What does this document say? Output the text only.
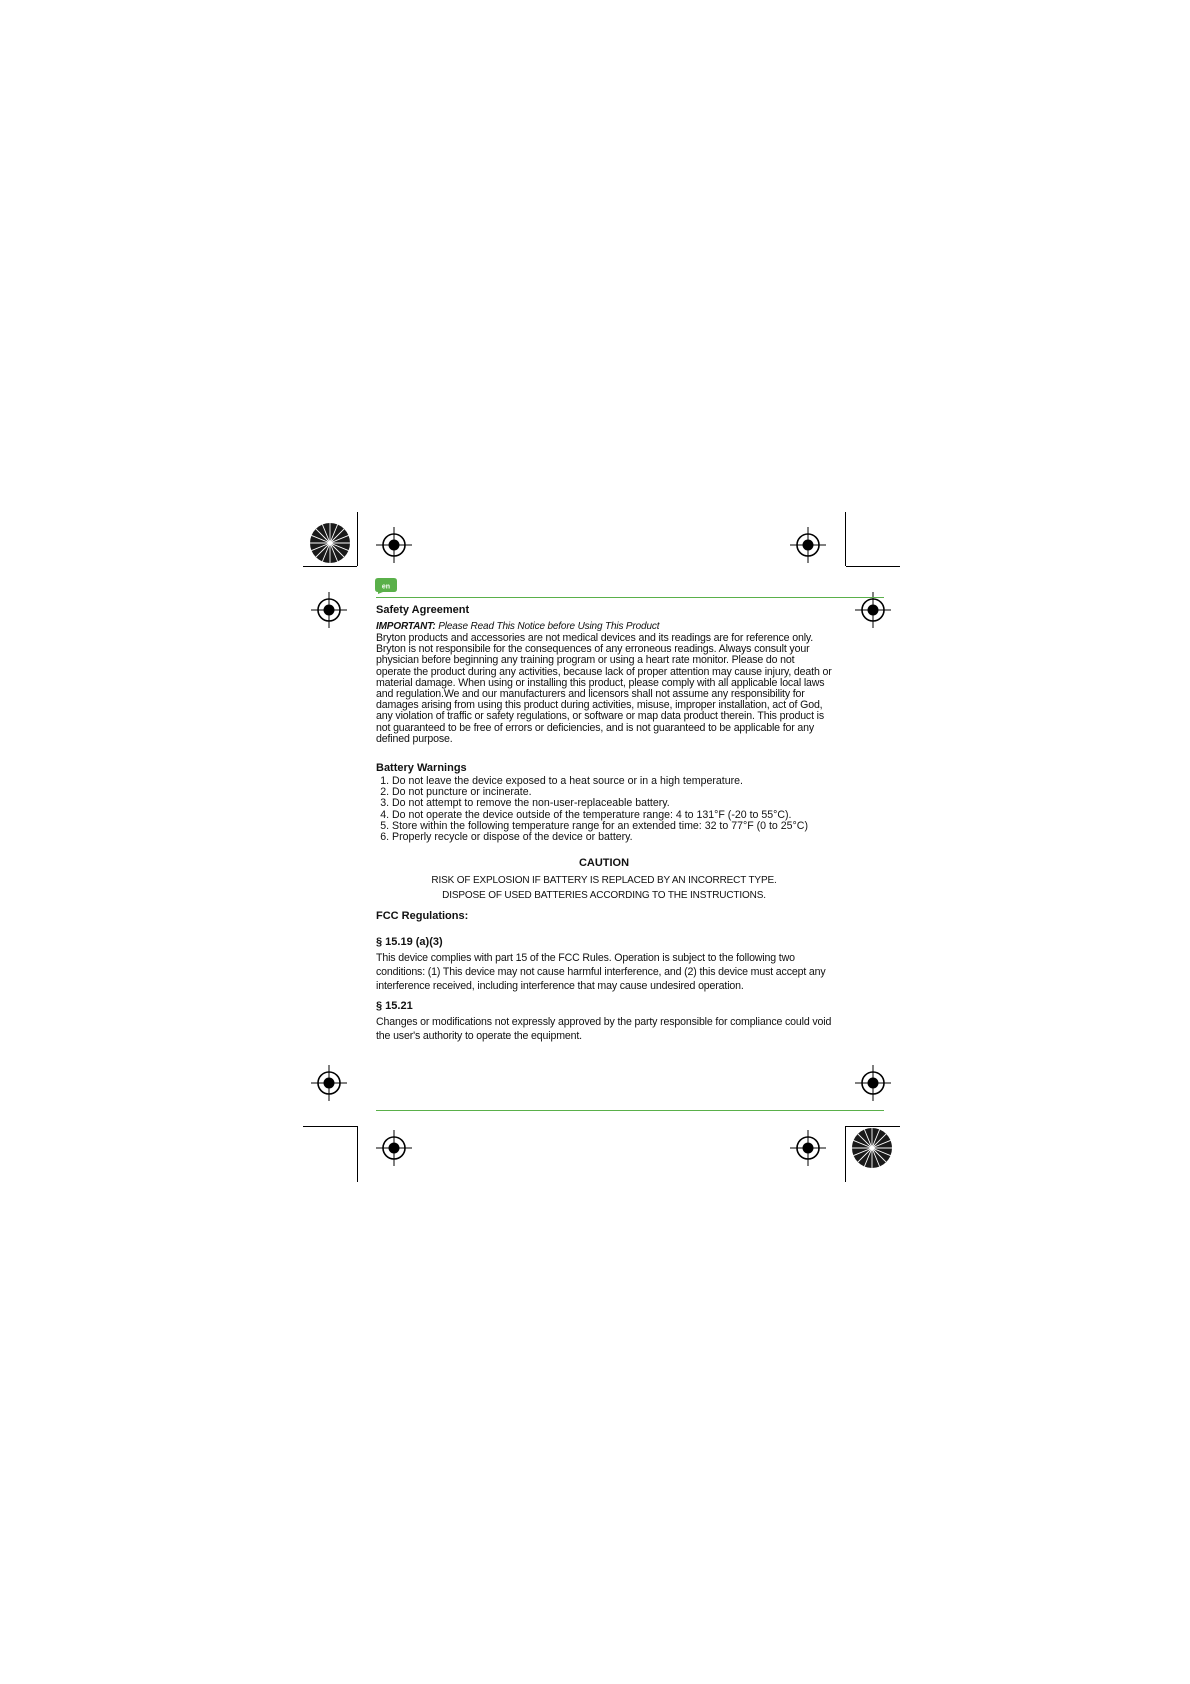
en

Safety Agreement

IMPORTANT: Please Read This Notice before Using This Product

Bryton products and accessories are not medical devices and its readings are for reference only. Bryton is not responsibile for the consequences of any erroneous readings. Always consult your physician before beginning any training program or using a heart rate monitor. Please do not operate the product during any activities, because lack of proper attention may cause injury, death or material damage. When using or installing this product, please comply with all applicable local laws and regulation.We and our manufacturers and licensors shall not assume any responsibility for damages arising from using this product during activities, misuse, improper installation, act of God, any violation of traffic or safety regulations, or software or map data product therein. This product is not guaranteed to be free of errors or deficiencies, and is not guaranteed to be applicable for any defined purpose.

Battery Warnings

1. Do not leave the device exposed to a heat source or in a high temperature.
2. Do not puncture or incinerate.
3. Do not attempt to remove the non-user-replaceable battery.
4. Do not operate the device outside of the temperature range: 4 to 131°F (-20 to 55°C).
5. Store within the following temperature range for an extended time: 32 to 77°F (0 to 25°C)
6. Properly recycle or dispose of the device or battery.

CAUTION

RISK OF EXPLOSION IF BATTERY IS REPLACED BY AN INCORRECT TYPE.

DISPOSE OF USED BATTERIES ACCORDING TO THE INSTRUCTIONS.

FCC Regulations:

§ 15.19 (a)(3)

This device complies with part 15 of the FCC Rules. Operation is subject to the following two conditions: (1) This device may not cause harmful interference, and (2) this device must accept any interference received, including interference that may cause undesired operation.

§ 15.21

Changes or modifications not expressly approved by the party responsible for compliance could void the user's authority to operate the equipment.
